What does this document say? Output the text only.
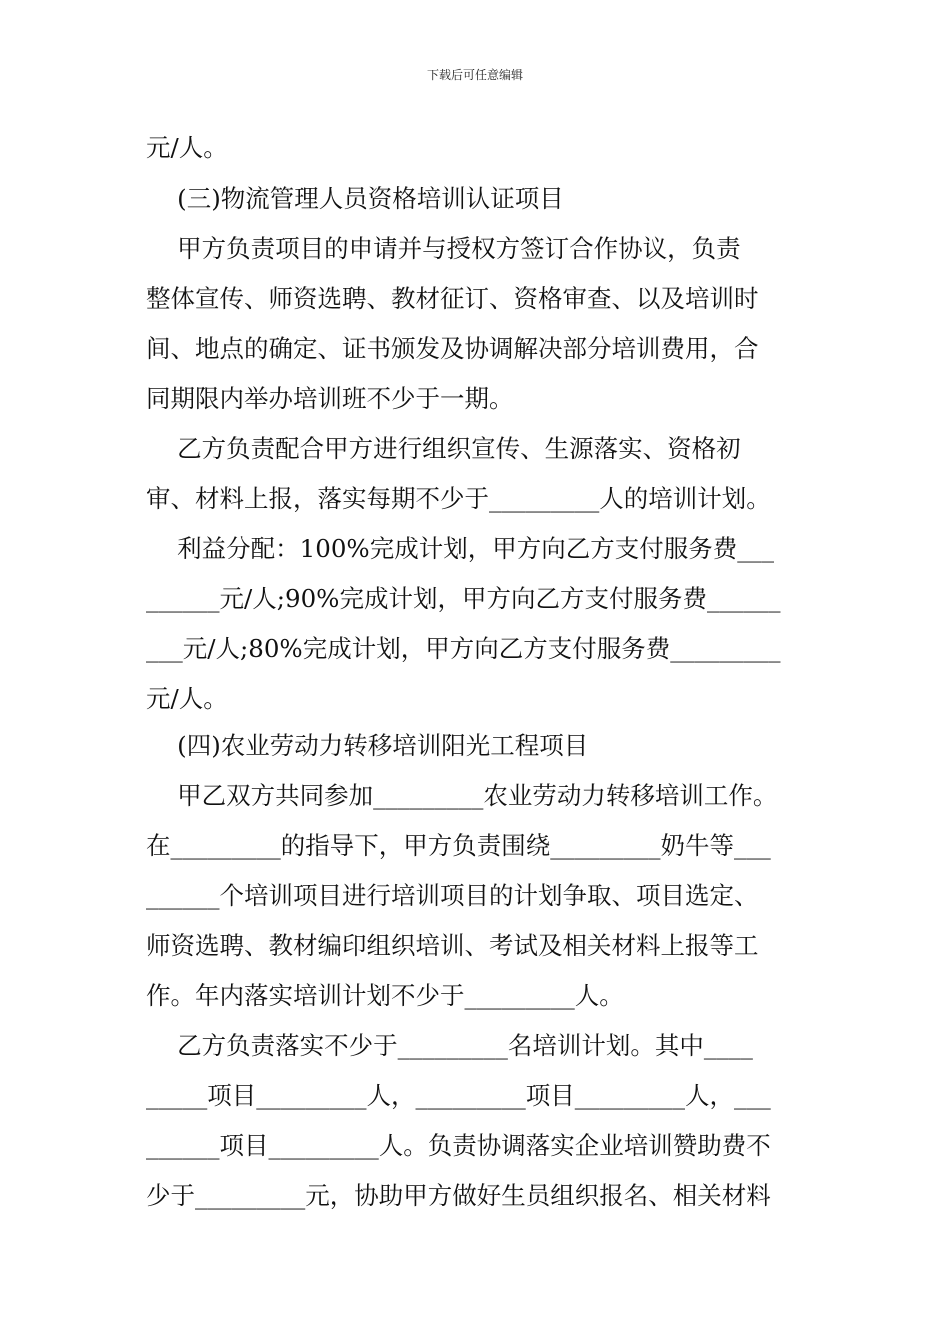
下载后可任意编辑
元/人。
(三)物流管理人员资格培训认证项目
甲方负责项目的申请并与授权方签订合作协议，负责
整体宣传、师资选聘、教材征订、资格审查、以及培训时
间、地点的确定、证书颁发及协调解决部分培训费用，合
同期限内举办培训班不少于一期。
乙方负责配合甲方进行组织宣传、生源落实、资格初
审、材料上报，落实每期不少于_________人的培训计划。
利益分配：100%完成计划，甲方向乙方支付服务费___
______元/人;90%完成计划，甲方向乙方支付服务费______
___元/人;80%完成计划，甲方向乙方支付服务费_________
元/人。
(四)农业劳动力转移培训阳光工程项目
甲乙双方共同参加_________农业劳动力转移培训工作。
在_________的指导下，甲方负责围绕_________奶牛等___
______个培训项目进行培训项目的计划争取、项目选定、
师资选聘、教材编印组织培训、考试及相关材料上报等工
作。年内落实培训计划不少于_________人。
乙方负责落实不少于_________名培训计划。其中____
_____项目_________人，_________项目_________人，___
______项目_________人。负责协调落实企业培训赞助费不
少于_________元，协助甲方做好生员组织报名、相关材料
